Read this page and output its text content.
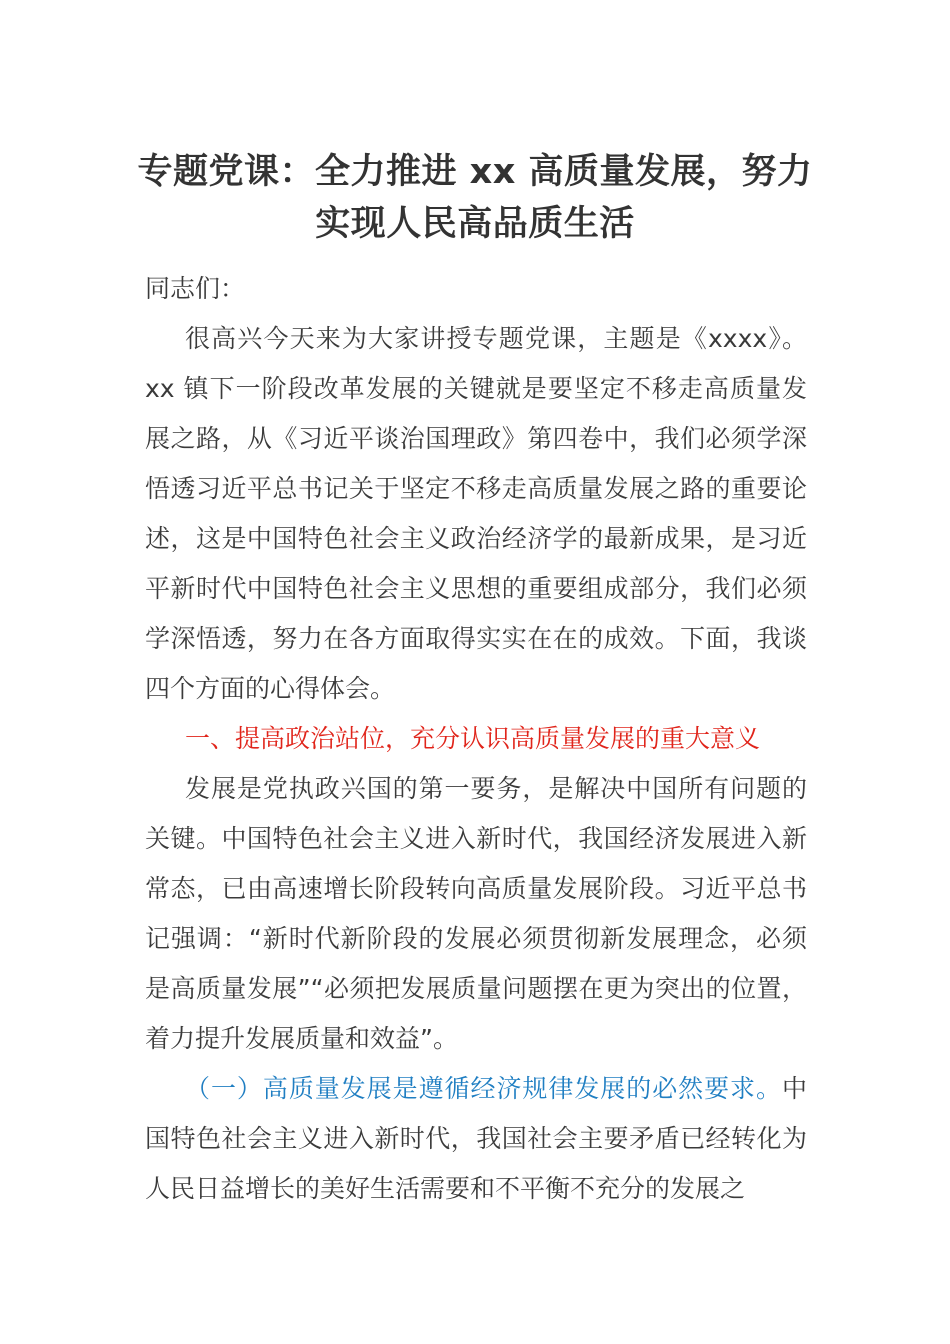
专题党课：全力推进 xx 高质量发展，努力
实现人民高品质生活

同志们：

很高兴今天来为大家讲授专题党课，主题是《xxxx》。xx 镇下一阶段改革发展的关键就是要坚定不移走高质量发展之路，从《习近平谈治国理政》第四卷中，我们必须学深悟透习近平总书记关于坚定不移走高质量发展之路的重要论述，这是中国特色社会主义政治经济学的最新成果，是习近平新时代中国特色社会主义思想的重要组成部分，我们必须学深悟透，努力在各方面取得实实在在的成效。下面，我谈四个方面的心得体会。

一、提高政治站位，充分认识高质量发展的重大意义

发展是党执政兴国的第一要务，是解决中国所有问题的关键。中国特色社会主义进入新时代，我国经济发展进入新常态，已由高速增长阶段转向高质量发展阶段。习近平总书记强调：“新时代新阶段的发展必须贯彻新发展理念，必须是高质量发展”“必须把发展质量问题摆在更为突出的位置，着力提升发展质量和效益”。

（一）高质量发展是遵循经济规律发展的必然要求。中国特色社会主义进入新时代，我国社会主要矛盾已经转化为人民日益增长的美好生活需要和不平衡不充分的发展之
